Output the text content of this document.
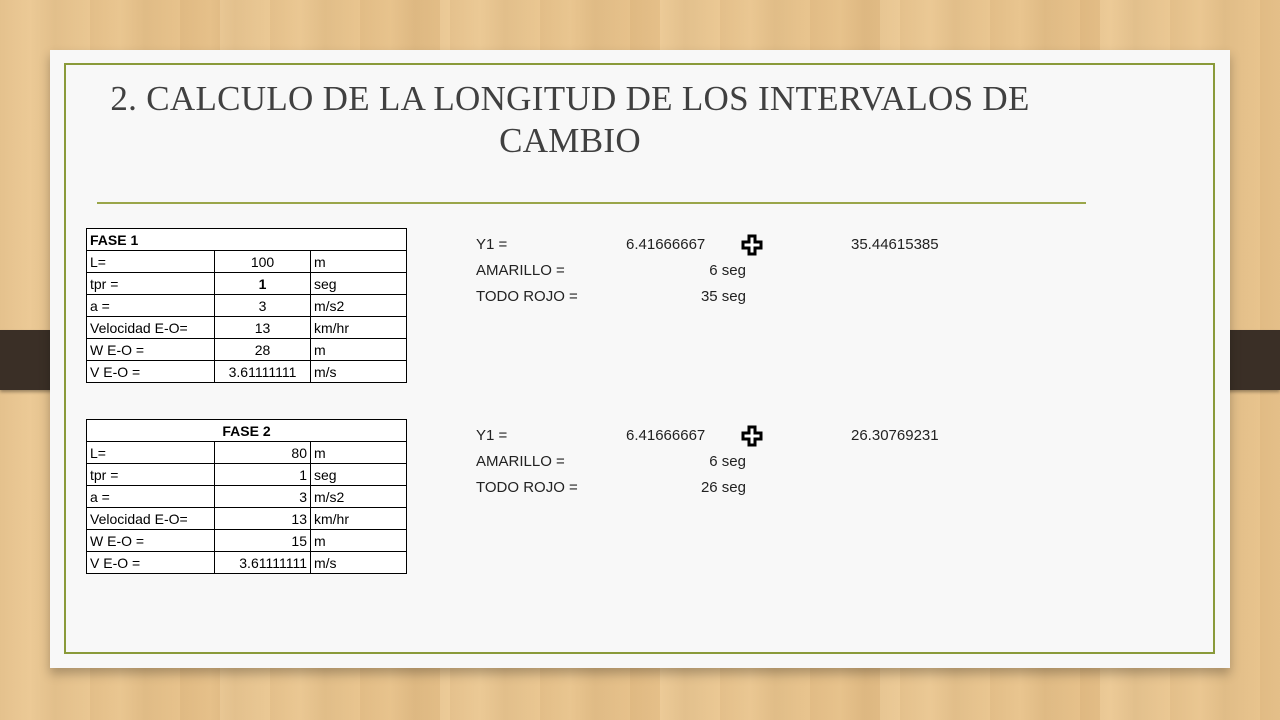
2. CALCULO DE LA LONGITUD DE LOS INTERVALOS DE CAMBIO
FASE 1		
L=	100	m
tpr =	1	seg
a =	3	m/s2
Velocidad E-O=	13	km/hr
W E-O =	28	m
V E-O =	3.61111111	m/s
FASE 2		
L=	80	m
tpr =	1	seg
a =	3	m/s2
Velocidad E-O=	13	km/hr
W E-O =	15	m
V E-O =	3.61111111	m/s
Y1 =	6.41666667	35.44615385
AMARILLO =	6 seg
TODO ROJO =	35 seg
Y1 =	6.41666667	26.30769231
AMARILLO =	6 seg
TODO ROJO =	26 seg
